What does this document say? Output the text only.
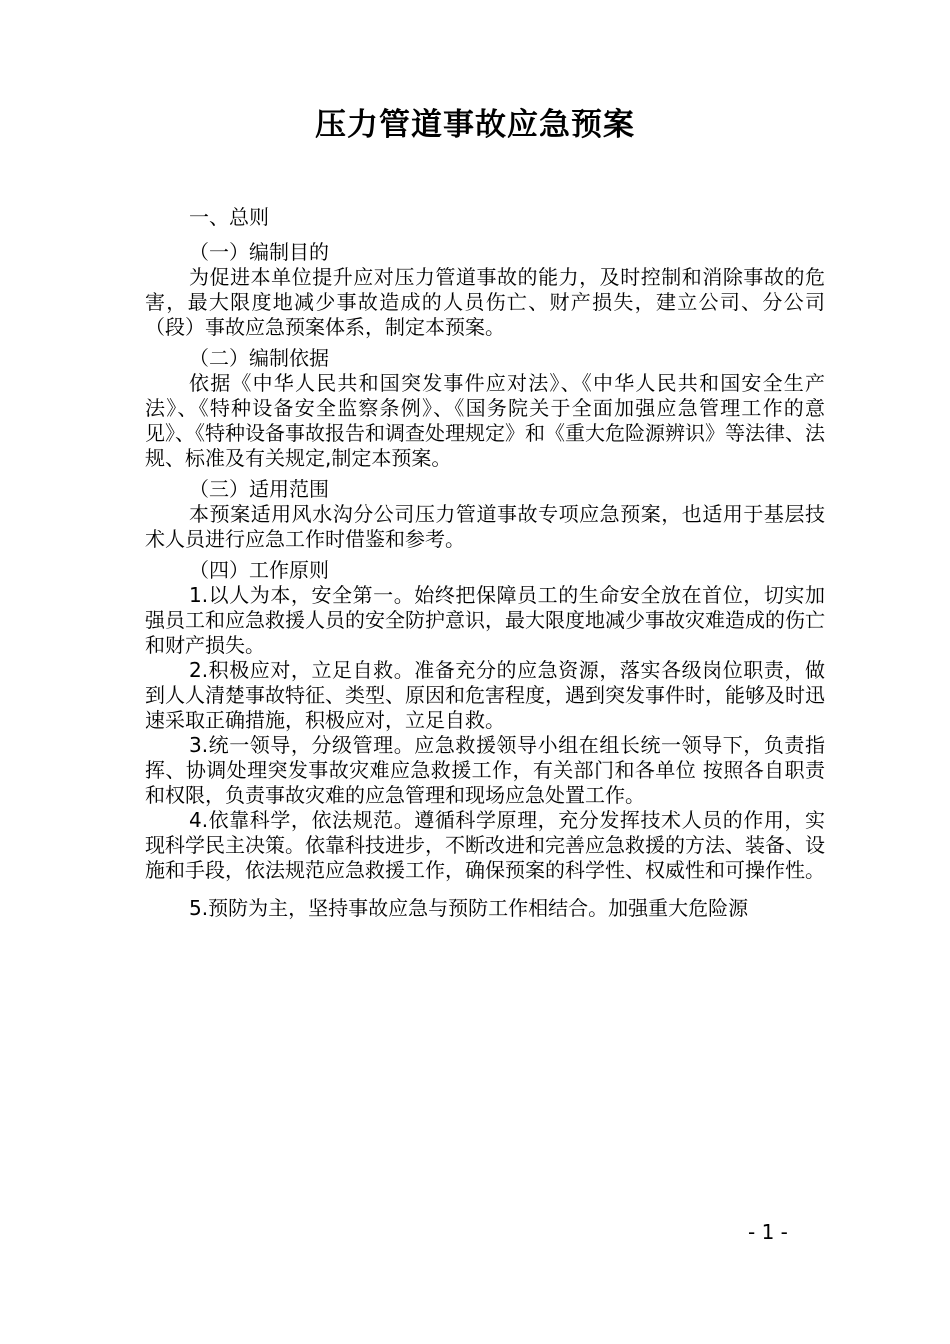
压力管道事故应急预案

一、总则

（一）编制目的

为促进本单位提升应对压力管道事故的能力，及时控制和消除事故的危害，最大限度地减少事故造成的人员伤亡、财产损失，建立公司、分公司（段）事故应急预案体系，制定本预案。

（二）编制依据

依据《中华人民共和国突发事件应对法》、《中华人民共和国安全生产法》、《特种设备安全监察条例》、《国务院关于全面加强应急管理工作的意见》、《特种设备事故报告和调查处理规定》和《重大危险源辨识》等法律、法规、标准及有关规定,制定本预案。

（三）适用范围

本预案适用风水沟分公司压力管道事故专项应急预案，也适用于基层技术人员进行应急工作时借鉴和参考。

（四）工作原则

1.以人为本，安全第一。始终把保障员工的生命安全放在首位，切实加强员工和应急救援人员的安全防护意识，最大限度地减少事故灾难造成的伤亡和财产损失。

2.积极应对，立足自救。准备充分的应急资源，落实各级岗位职责，做到人人清楚事故特征、类型、原因和危害程度，遇到突发事件时，能够及时迅速采取正确措施，积极应对，立足自救。

3.统一领导，分级管理。应急救援领导小组在组长统一领导下，负责指挥、协调处理突发事故灾难应急救援工作，有关部门和各单位 按照各自职责和权限，负责事故灾难的应急管理和现场应急处置工作。

4.依靠科学，依法规范。遵循科学原理，充分发挥技术人员的作用，实现科学民主决策。依靠科技进步，不断改进和完善应急救援的方法、装备、设施和手段，依法规范应急救援工作，确保预案的科学性、权威性和可操作性。

5.预防为主，坚持事故应急与预防工作相结合。加强重大危险源

- 1 -
